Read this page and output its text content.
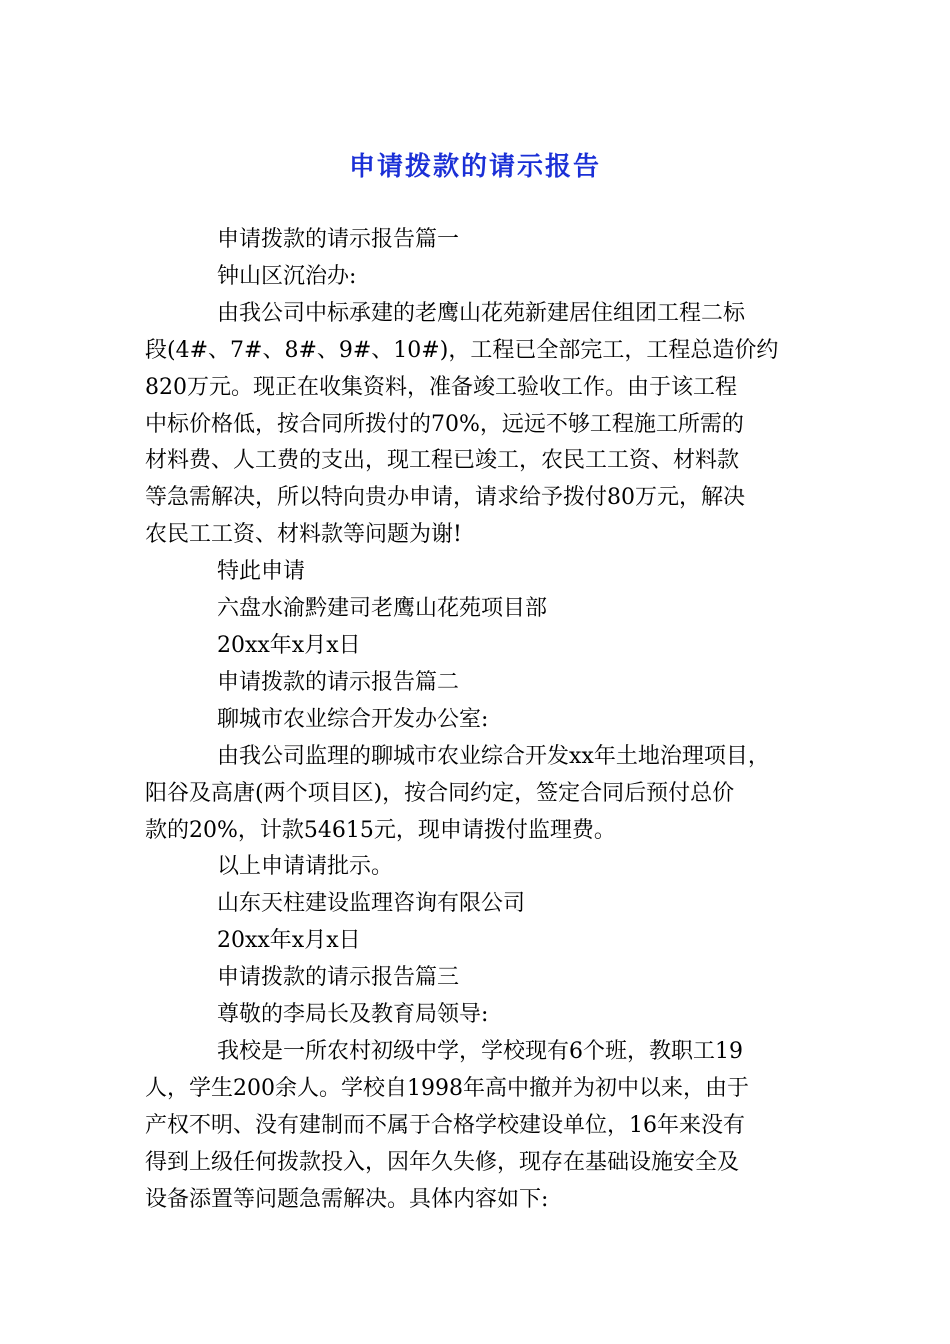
申请拨款的请示报告

申请拨款的请示报告篇一

钟山区沉治办:

由我公司中标承建的老鹰山花苑新建居住组团工程二标

段(4#、7#、8#、9#、10#)，工程已全部完工，工程总造价约

820万元。现正在收集资料，准备竣工验收工作。由于该工程

中标价格低，按合同所拨付的70%，远远不够工程施工所需的

材料费、人工费的支出，现工程已竣工，农民工工资、材料款

等急需解决，所以特向贵办申请，请求给予拨付80万元，解决

农民工工资、材料款等问题为谢!

特此申请

六盘水渝黔建司老鹰山花苑项目部

20xx年x月x日

申请拨款的请示报告篇二

聊城市农业综合开发办公室:

由我公司监理的聊城市农业综合开发xx年土地治理项目，

阳谷及高唐(两个项目区)，按合同约定，签定合同后预付总价

款的20%，计款54615元，现申请拨付监理费。

以上申请请批示。

山东天柱建设监理咨询有限公司

20xx年x月x日

申请拨款的请示报告篇三

尊敬的李局长及教育局领导:

我校是一所农村初级中学，学校现有6个班，教职工19

人，学生200余人。学校自1998年高中撤并为初中以来，由于

产权不明、没有建制而不属于合格学校建设单位，16年来没有

得到上级任何拨款投入，因年久失修，现存在基础设施安全及

设备添置等问题急需解决。具体内容如下:
